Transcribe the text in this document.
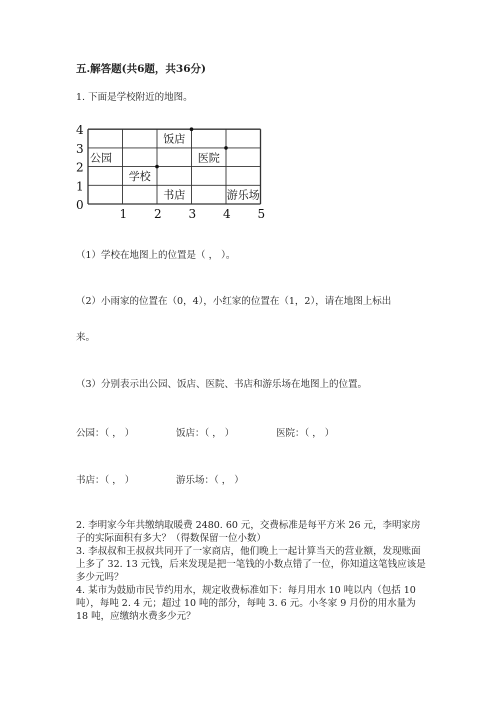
五.解答题(共6题，共36分)
1. 下面是学校附近的地图。
1 2 3 4 5
0
1
2
3
4
公园
学校
饭店
医院
书店	游乐场
（1）学校在地图上的位置是（ ， ）。
（2）小雨家的位置在（0，4），小红家的位置在（1，2），请在地图上标出
来。
（3）分别表示出公园、饭店、医院、书店和游乐场在地图上的位置。
公园：（ ， ）	饭店：（ ， ）	医院：（ ， ）
书店：（ ， ）	游乐场：（ ， ）
2. 李明家今年共缴纳取暖费 2480. 60 元，交费标准是每平方米 26 元，李明家房子的实际面积有多大？（得数保留一位小数）
3. 李叔叔和王叔叔共同开了一家商店，他们晚上一起计算当天的营业额，发现账面上多了 32. 13 元钱，后来发现是把一笔钱的小数点错了一位，你知道这笔钱应该是多少元吗？
4. 某市为鼓励市民节约用水，规定收费标准如下：每月用水 10 吨以内（包括 10 吨），每吨 2. 4 元；超过 10 吨的部分，每吨 3. 6 元。小冬家 9 月份的用水量为 18 吨，应缴纳水费多少元？
